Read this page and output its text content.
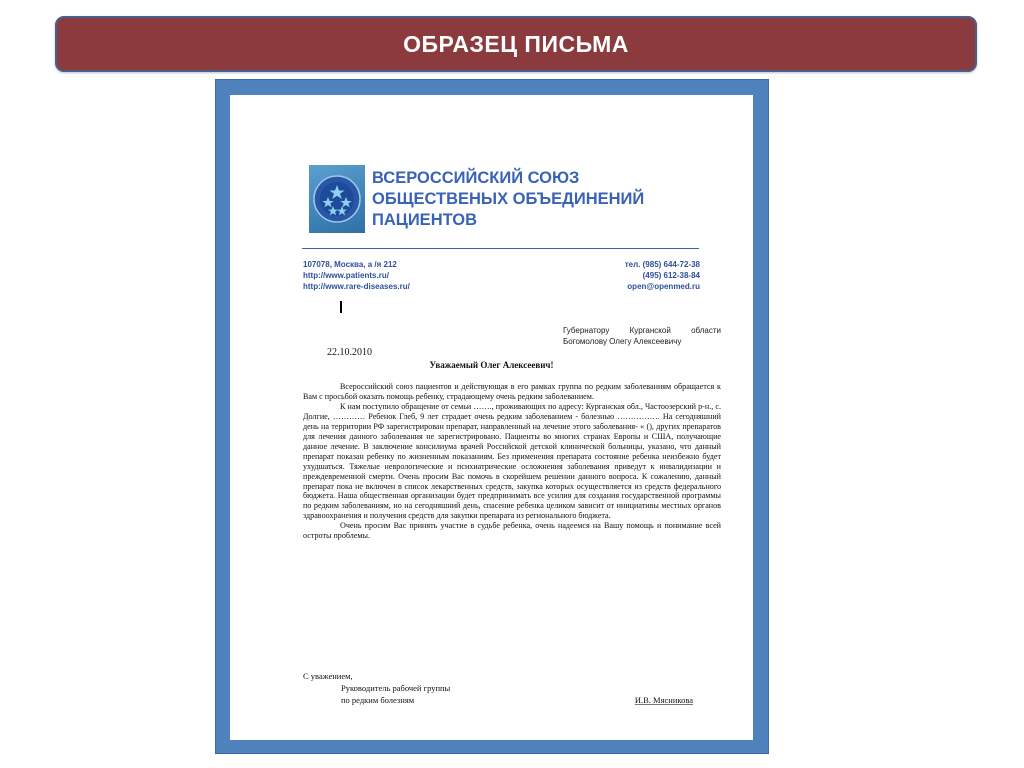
ОБРАЗЕЦ ПИСЬМА
ВСЕРОССИЙСКИЙ СОЮЗ
ОБЩЕСТВЕНЫХ ОБЪЕДИНЕНИЙ
ПАЦИЕНТОВ
107078, Москва, а /я 212
http://www.patients.ru/
http://www.rare-diseases.ru/
тел. (985) 644-72-38
(495) 612-38-84
open@openmed.ru
Губернатору Курганской области
Богомолову Олегу Алексеевичу
22.10.2010
Уважаемый Олег Алексеевич!

Всероссийский союз пациентов и действующая в его рамках группа по редким заболеваниям обращается к Вам с просьбой оказать помощь ребенку, страдающему очень редким заболеванием.

К нам поступило обращение от семьи ……., проживающих по адресу: Курганская обл., Частоозерский р-н., с. Долгие, ………… Ребенок Глеб, 9 лет страдает очень редким заболеванием - болезнью ……………. На сегодняшний день на территории РФ зарегистрирован препарат, направленный на лечение этого заболевания- « (), других препаратов для лечения данного заболевания не зарегистрировано. Пациенты во многих странах Европы и США, получающие данное лечение. В заключение консилиума врачей Российской детской клинической больницы, указано, что данный препарат показан ребенку по жизненным показаниям. Без применения препарата состояние ребенка неизбежно будет ухудшаться. Тяжелые неврологические и психиатрические осложнения заболевания приведут к инвалидизации и преждевременной смерти. Очень просим Вас помочь в скорейшем решении данного вопроса. К сожалению, данный препарат пока не включен в список лекарственных средств, закупка которых осуществляется из средств федерального бюджета. Наша общественная организации будет предпринимать все усилия для создания государственной программы по редким заболеваниям, но на сегодняшний день, спасение ребенка целиком зависит от инициативы местных органов здравоохранения и получения средств для закупки препарата из регионального бюджета.

Очень просим Вас принять участие в судьбе ребенка, очень надеемся на Вашу помощь и понимание всей остроты проблемы.

С уважением,
Руководитель рабочей группы
по редким болезням	И.В. Мясникова
